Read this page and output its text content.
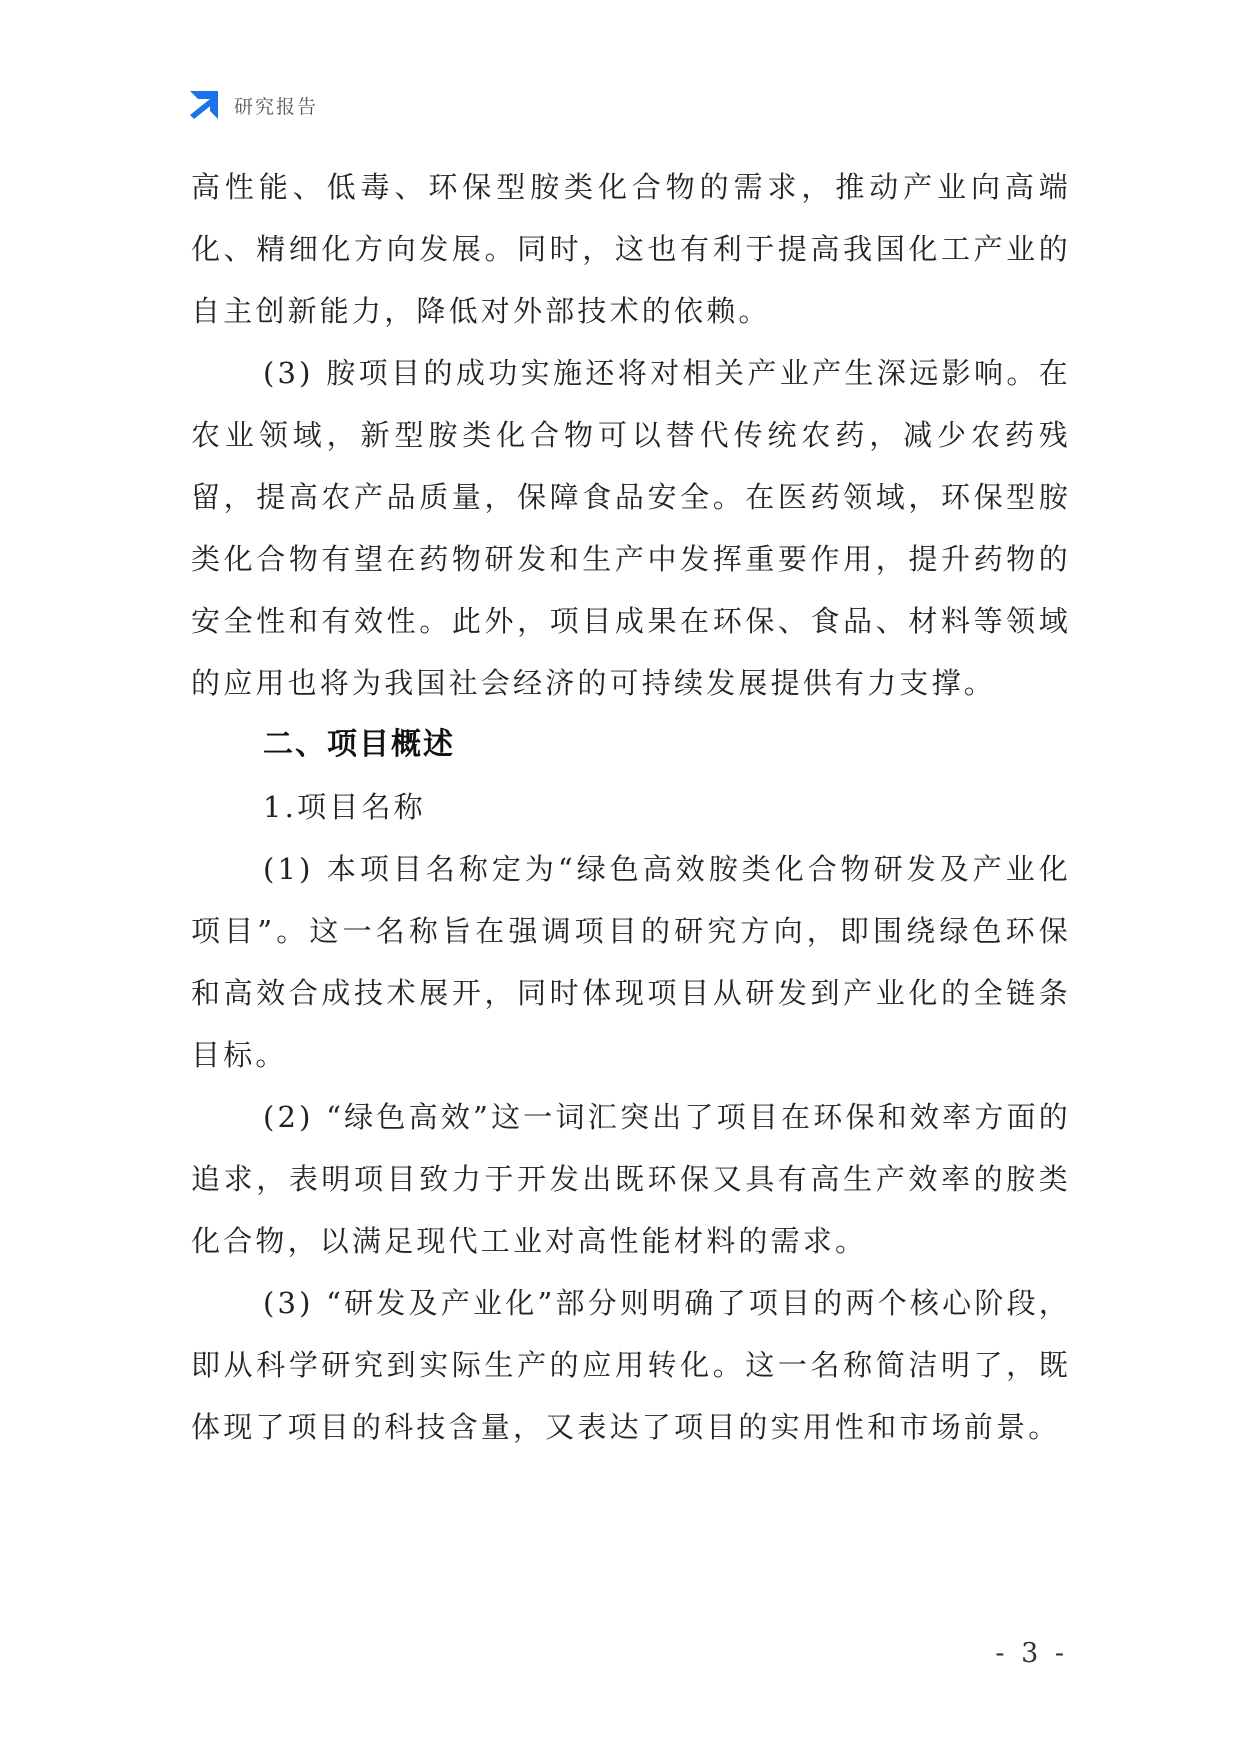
研究报告

高性能、低毒、环保型胺类化合物的需求，推动产业向高端化、精细化方向发展。同时，这也有利于提高我国化工产业的自主创新能力，降低对外部技术的依赖。

(3) 胺项目的成功实施还将对相关产业产生深远影响。在农业领域，新型胺类化合物可以替代传统农药，减少农药残留，提高农产品质量，保障食品安全。在医药领域，环保型胺类化合物有望在药物研发和生产中发挥重要作用，提升药物的安全性和有效性。此外，项目成果在环保、食品、材料等领域的应用也将为我国社会经济的可持续发展提供有力支撑。

二、项目概述

1.项目名称

(1) 本项目名称定为“绿色高效胺类化合物研发及产业化项目”。这一名称旨在强调项目的研究方向，即围绕绿色环保和高效合成技术展开，同时体现项目从研发到产业化的全链条目标。

(2) “绿色高效”这一词汇突出了项目在环保和效率方面的追求，表明项目致力于开发出既环保又具有高生产效率的胺类化合物，以满足现代工业对高性能材料的需求。

(3) “研发及产业化”部分则明确了项目的两个核心阶段，即从科学研究到实际生产的应用转化。这一名称简洁明了，既体现了项目的科技含量，又表达了项目的实用性和市场前景。

- 3 -
